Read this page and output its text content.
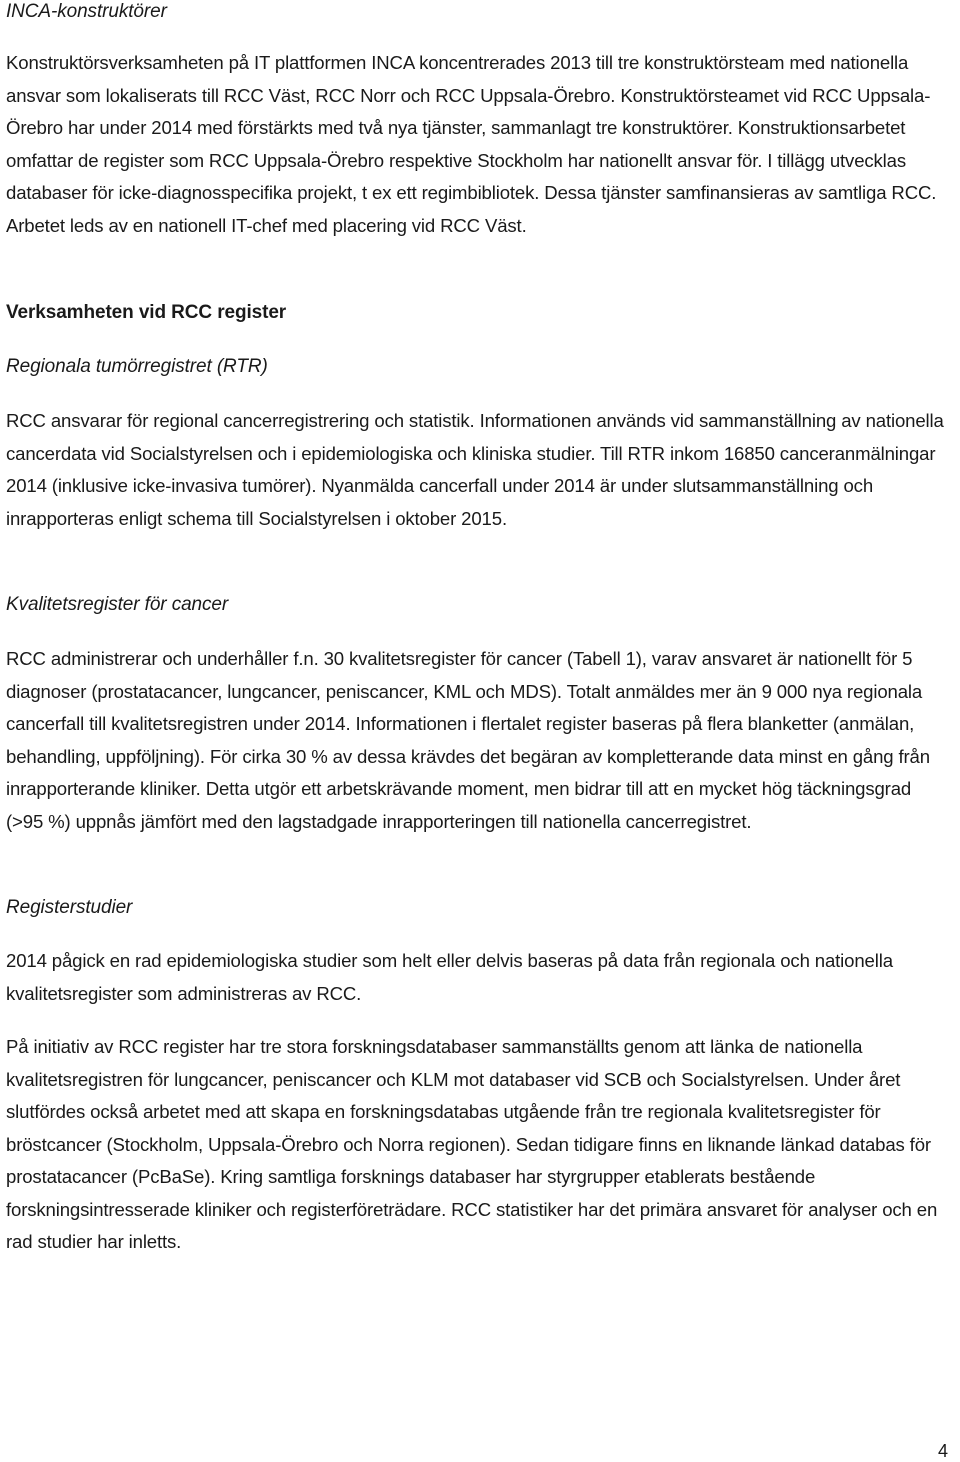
INCA-konstruktörer

Konstruktörsverksamheten på IT plattformen INCA koncentrerades 2013 till tre konstruktörsteam med nationella ansvar som lokaliserats till RCC Väst, RCC Norr och RCC Uppsala-Örebro. Konstruktörsteamet vid RCC Uppsala-Örebro har under 2014 med förstärkts med två nya tjänster, sammanlagt tre konstruktörer. Konstruktionsarbetet omfattar de register som RCC Uppsala-Örebro respektive Stockholm har nationellt ansvar för. I tillägg utvecklas databaser för icke-diagnosspecifika projekt, t ex ett regimbibliotek. Dessa tjänster samfinansieras av samtliga RCC. Arbetet leds av en nationell IT-chef med placering vid RCC Väst.

Verksamheten vid RCC register

Regionala tumörregistret (RTR)

RCC ansvarar för regional cancerregistrering och statistik. Informationen används vid sammanställning av nationella cancerdata vid Socialstyrelsen och i epidemiologiska och kliniska studier. Till RTR inkom 16850 canceranmälningar 2014 (inklusive icke-invasiva tumörer). Nyanmälda cancerfall under 2014 är under slutsammanställning och inrapporteras enligt schema till Socialstyrelsen i oktober 2015.

Kvalitetsregister för cancer

RCC administrerar och underhåller f.n. 30 kvalitetsregister för cancer (Tabell 1), varav ansvaret är nationellt för 5 diagnoser (prostatacancer, lungcancer, peniscancer, KML och MDS). Totalt anmäldes mer än 9 000 nya regionala cancerfall till kvalitetsregistren under 2014. Informationen i flertalet register baseras på flera blanketter (anmälan, behandling, uppföljning). För cirka 30 % av dessa krävdes det begäran av kompletterande data minst en gång från inrapporterande kliniker. Detta utgör ett arbetskrävande moment, men bidrar till att en mycket hög täckningsgrad (>95 %) uppnås jämfört med den lagstadgade inrapporteringen till nationella cancerregistret.

Registerstudier

2014 pågick en rad epidemiologiska studier som helt eller delvis baseras på data från regionala och nationella kvalitetsregister som administreras av RCC.

På initiativ av RCC register har tre stora forskningsdatabaser sammanställts genom att länka de nationella kvalitetsregistren för lungcancer, peniscancer och KLM mot databaser vid SCB och Socialstyrelsen. Under året slutfördes också arbetet med att skapa en forskningsdatabas utgående från tre regionala kvalitetsregister för bröstcancer (Stockholm, Uppsala-Örebro och Norra regionen). Sedan tidigare finns en liknande länkad databas för prostatacancer (PcBaSe). Kring samtliga forsknings databaser har styrgrupper etablerats bestående forskningsintresserade kliniker och registerföreträdare. RCC statistiker har det primära ansvaret för analyser och en rad studier har inletts.

4
